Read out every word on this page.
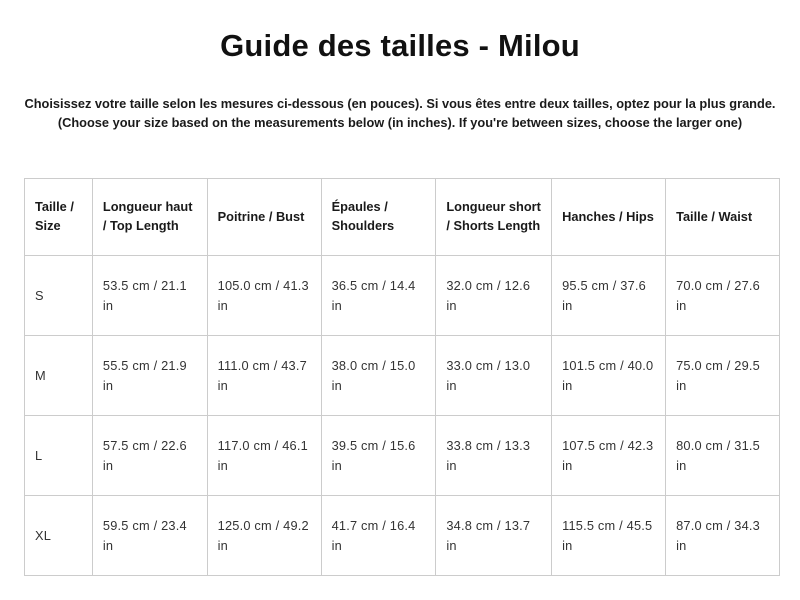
Guide des tailles - Milou

Choisissez votre taille selon les mesures ci-dessous (en pouces). Si vous êtes entre deux tailles, optez pour la plus grande.
(Choose your size based on the measurements below (in inches). If you're between sizes, choose the larger one)

Taille / Size	Longueur haut / Top Length	Poitrine / Bust	Épaules / Shoulders	Longueur short / Shorts Length	Hanches / Hips	Taille / Waist
S	53.5 cm / 21.1 in	105.0 cm / 41.3 in	36.5 cm / 14.4 in	32.0 cm / 12.6 in	95.5 cm / 37.6 in	70.0 cm / 27.6 in
M	55.5 cm / 21.9 in	111.0 cm / 43.7 in	38.0 cm / 15.0 in	33.0 cm / 13.0 in	101.5 cm / 40.0 in	75.0 cm / 29.5 in
L	57.5 cm / 22.6 in	117.0 cm / 46.1 in	39.5 cm / 15.6 in	33.8 cm / 13.3 in	107.5 cm / 42.3 in	80.0 cm / 31.5 in
XL	59.5 cm / 23.4 in	125.0 cm / 49.2 in	41.7 cm / 16.4 in	34.8 cm / 13.7 in	115.5 cm / 45.5 in	87.0 cm / 34.3 in
